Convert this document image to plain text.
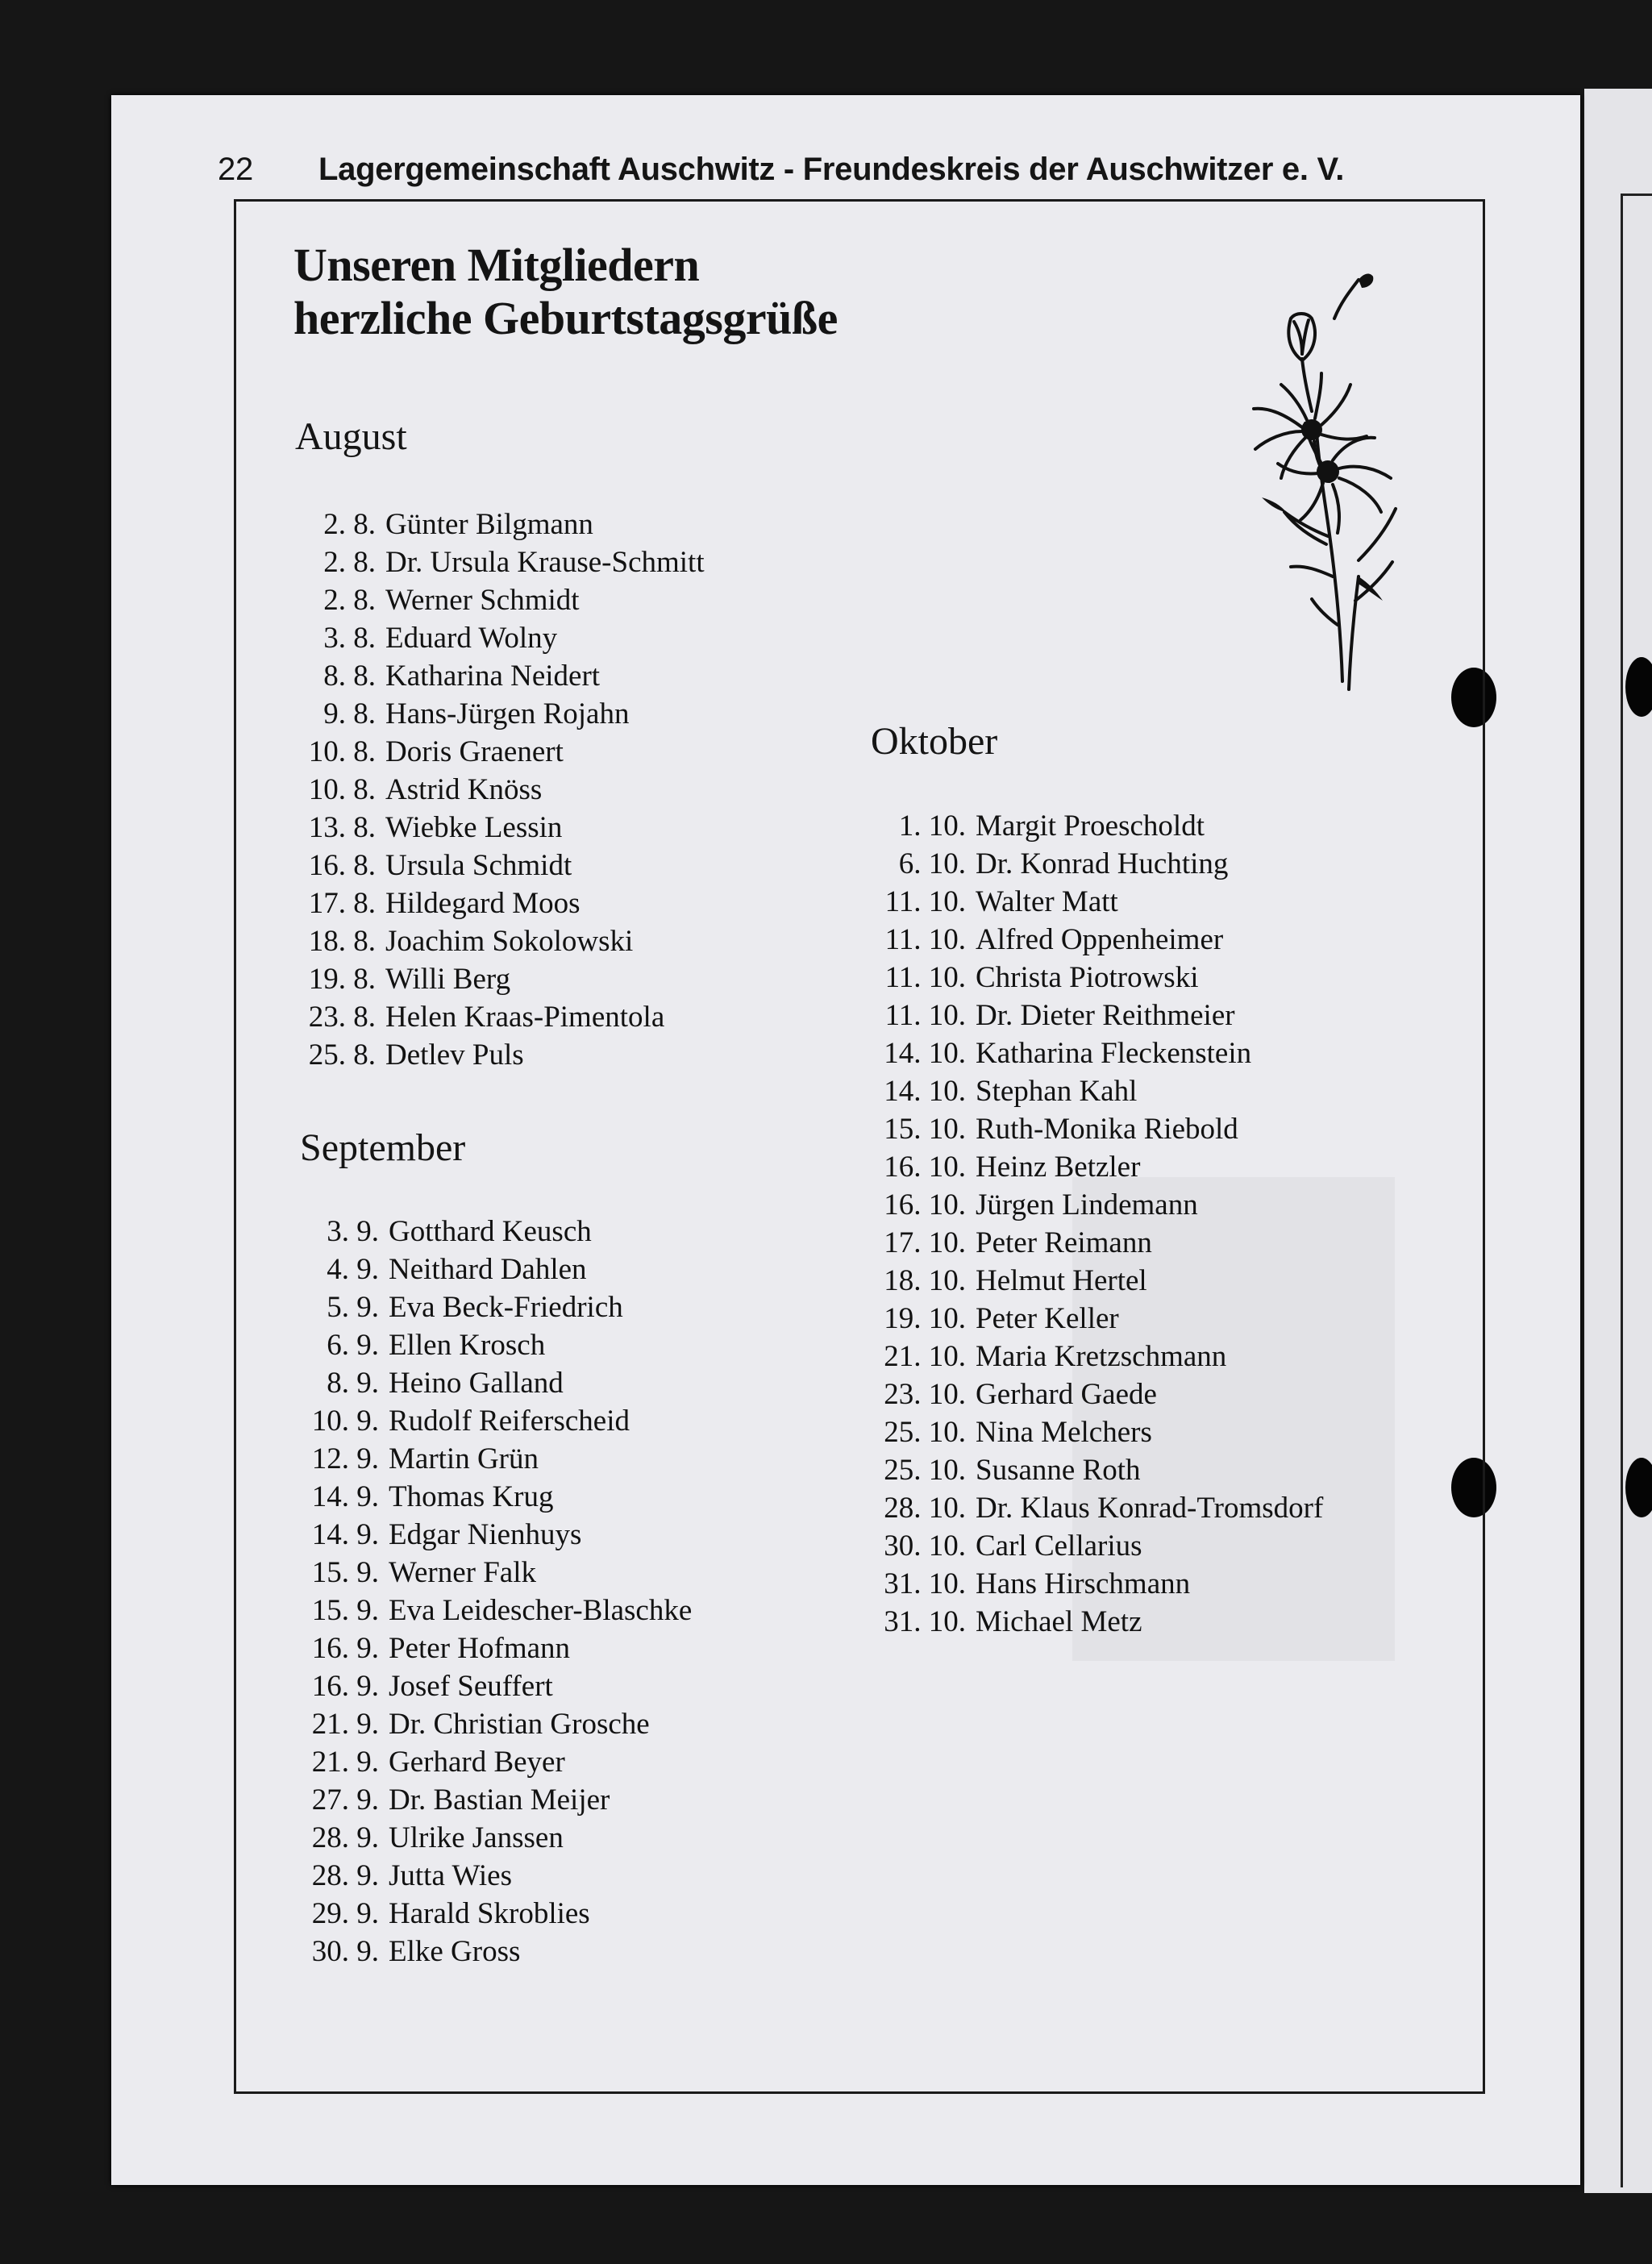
22 Lagergemeinschaft Auschwitz - Freundeskreis der Auschwitzer e. V.
Unseren Mitgliedern
herzliche Geburtstagsgrüße
August
2. 8. Günter Bilgmann
2. 8. Dr. Ursula Krause-Schmitt
2. 8. Werner Schmidt
3. 8. Eduard Wolny
8. 8. Katharina Neidert
9. 8. Hans-Jürgen Rojahn
10. 8. Doris Graenert
10. 8. Astrid Knöss
13. 8. Wiebke Lessin
16. 8. Ursula Schmidt
17. 8. Hildegard Moos
18. 8. Joachim Sokolowski
19. 8. Willi Berg
23. 8. Helen Kraas-Pimentola
25. 8. Detlev Puls
September
3. 9. Gotthard Keusch
4. 9. Neithard Dahlen
5. 9. Eva Beck-Friedrich
6. 9. Ellen Krosch
8. 9. Heino Galland
10. 9. Rudolf Reiferscheid
12. 9. Martin Grün
14. 9. Thomas Krug
14. 9. Edgar Nienhuys
15. 9. Werner Falk
15. 9. Eva Leidescher-Blaschke
16. 9. Peter Hofmann
16. 9. Josef Seuffert
21. 9. Dr. Christian Grosche
21. 9. Gerhard Beyer
27. 9. Dr. Bastian Meijer
28. 9. Ulrike Janssen
28. 9. Jutta Wies
29. 9. Harald Skroblies
30. 9. Elke Gross
Oktober
1. 10. Margit Proescholdt
6. 10. Dr. Konrad Huchting
11. 10. Walter Matt
11. 10. Alfred Oppenheimer
11. 10. Christa Piotrowski
11. 10. Dr. Dieter Reithmeier
14. 10. Katharina Fleckenstein
14. 10. Stephan Kahl
15. 10. Ruth-Monika Riebold
16. 10. Heinz Betzler
16. 10. Jürgen Lindemann
17. 10. Peter Reimann
18. 10. Helmut Hertel
19. 10. Peter Keller
21. 10. Maria Kretzschmann
23. 10. Gerhard Gaede
25. 10. Nina Melchers
25. 10. Susanne Roth
28. 10. Dr. Klaus Konrad-Tromsdorf
30. 10. Carl Cellarius
31. 10. Hans Hirschmann
31. 10. Michael Metz
